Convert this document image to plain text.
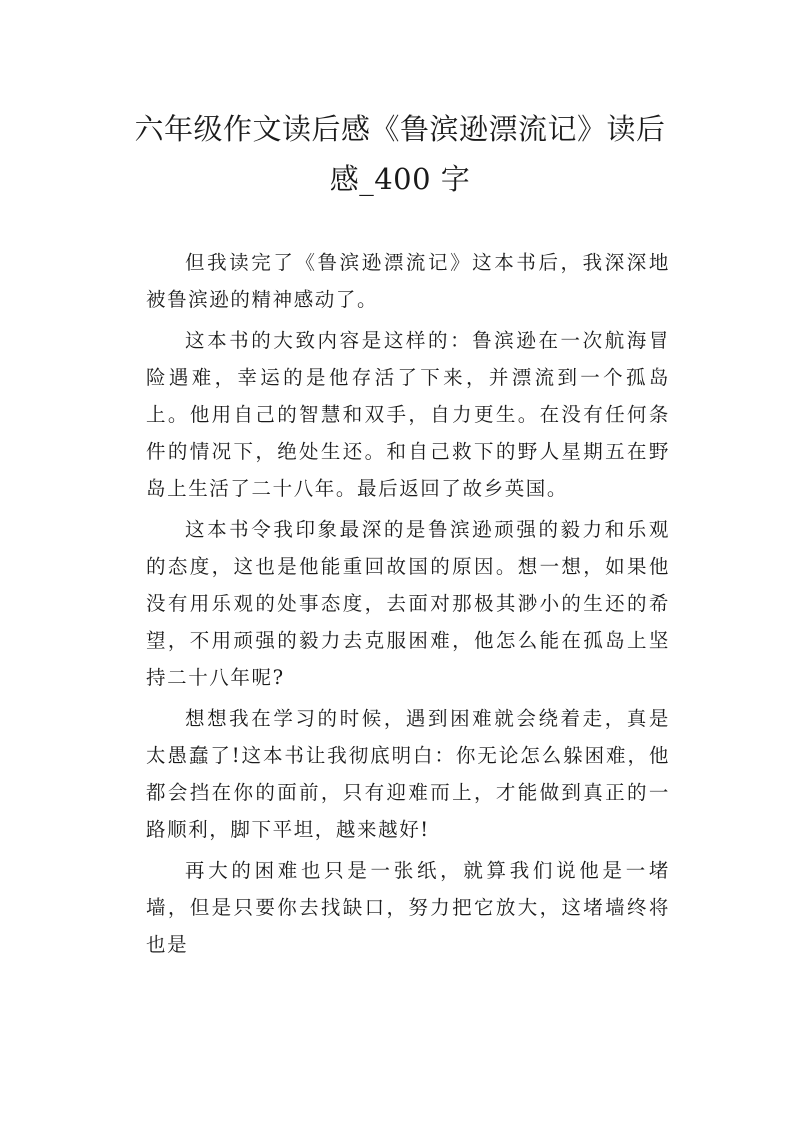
六年级作文读后感《鲁滨逊漂流记》读后感_400 字

但我读完了《鲁滨逊漂流记》这本书后，我深深地被鲁滨逊的精神感动了。

这本书的大致内容是这样的：鲁滨逊在一次航海冒险遇难，幸运的是他存活了下来，并漂流到一个孤岛上。他用自己的智慧和双手，自力更生。在没有任何条件的情况下，绝处生还。和自己救下的野人星期五在野岛上生活了二十八年。最后返回了故乡英国。

这本书令我印象最深的是鲁滨逊顽强的毅力和乐观的态度，这也是他能重回故国的原因。想一想，如果他没有用乐观的处事态度，去面对那极其渺小的生还的希望，不用顽强的毅力去克服困难，他怎么能在孤岛上坚持二十八年呢?

想想我在学习的时候，遇到困难就会绕着走，真是太愚蠢了!这本书让我彻底明白：你无论怎么躲困难，他都会挡在你的面前，只有迎难而上，才能做到真正的一路顺利，脚下平坦，越来越好!

再大的困难也只是一张纸，就算我们说他是一堵墙，但是只要你去找缺口，努力把它放大，这堵墙终将也是
